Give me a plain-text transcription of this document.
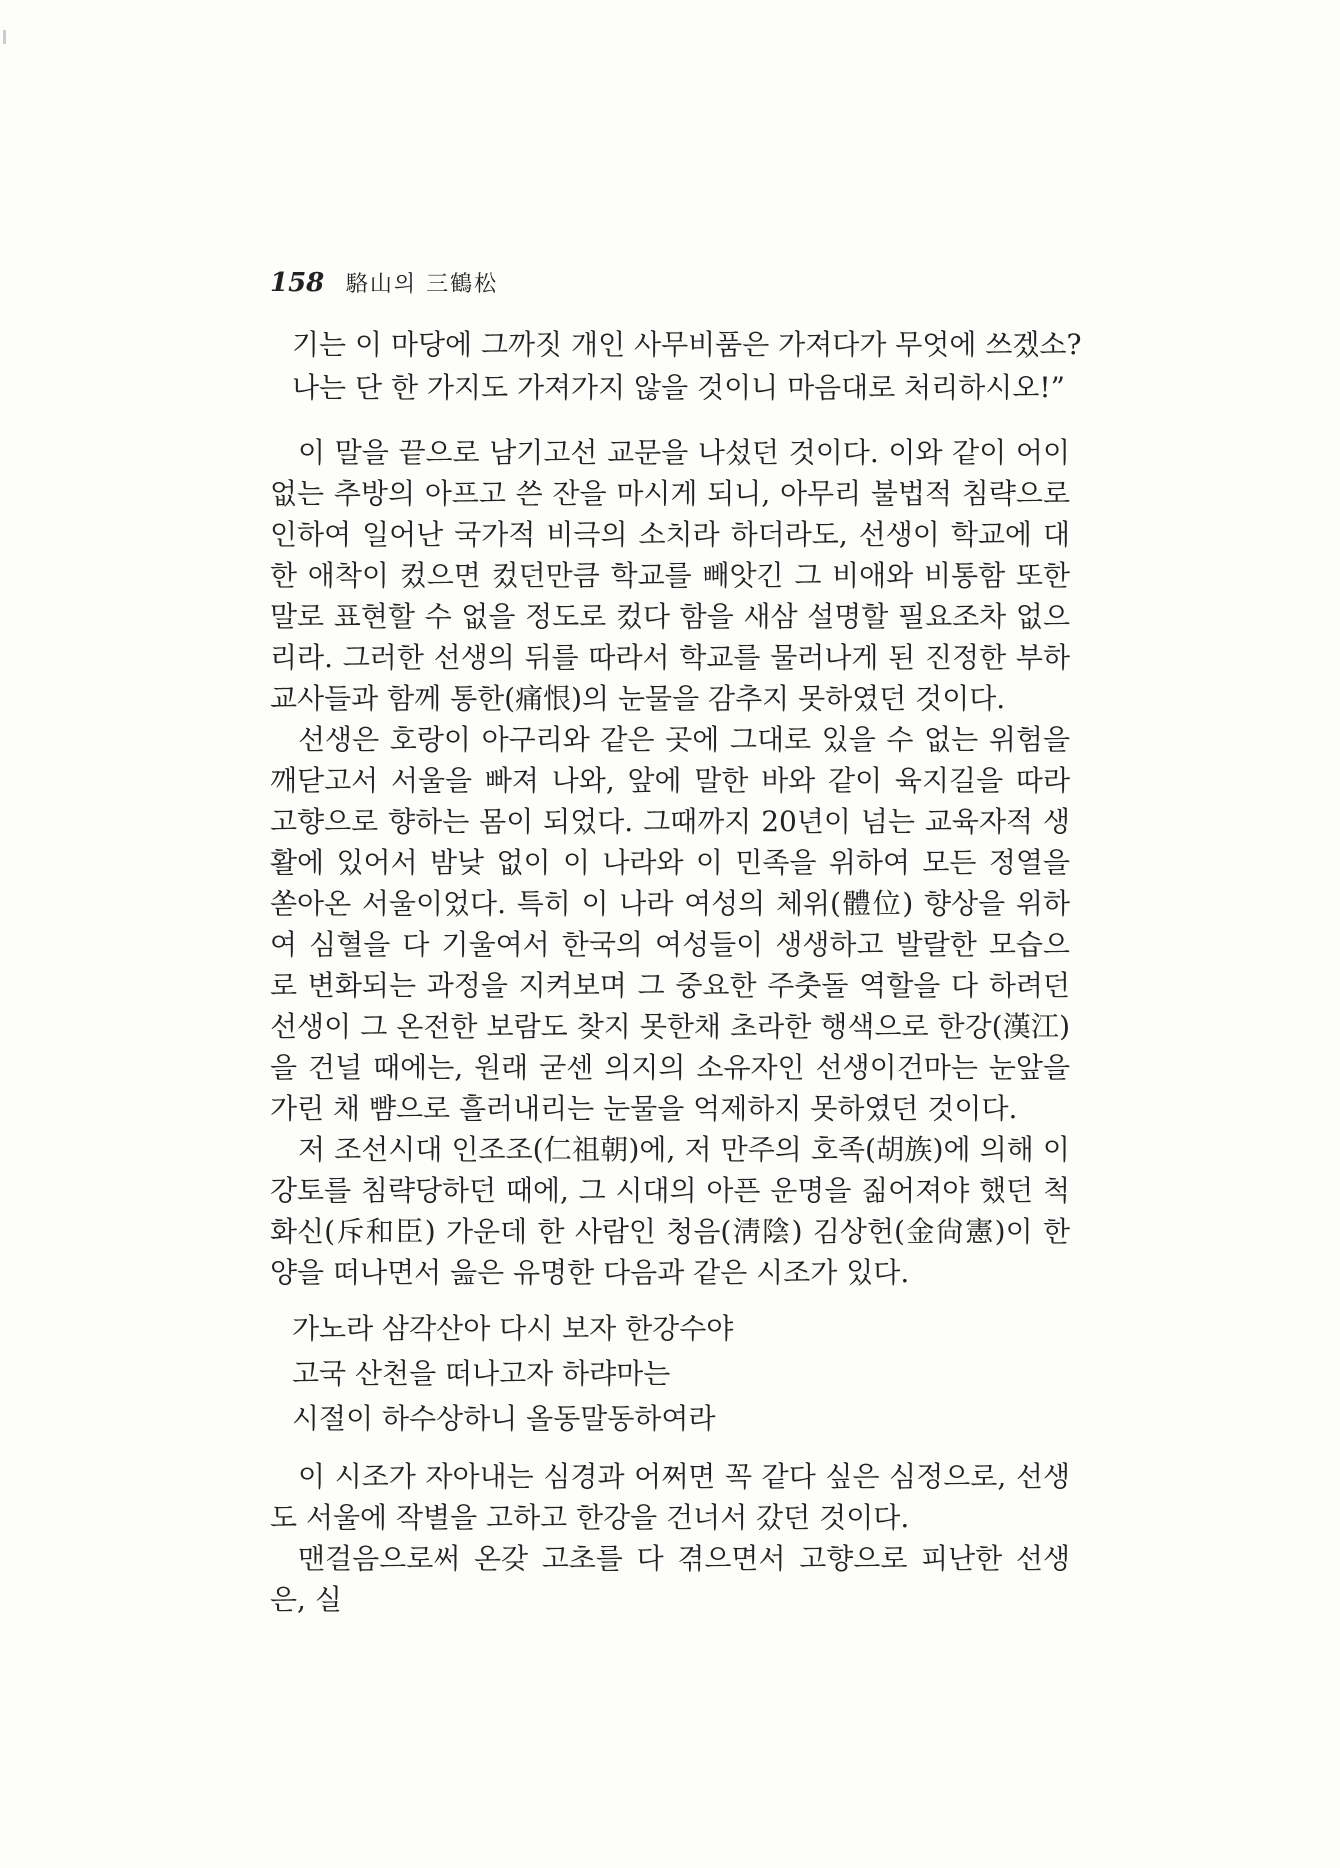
158 駱山의 三鶴松
기는 이 마당에 그까짓 개인 사무비품은 가져다가 무엇에 쓰겠소?
나는 단 한 가지도 가져가지 않을 것이니 마음대로 처리하시오!”

이 말을 끝으로 남기고선 교문을 나섰던 것이다. 이와 같이 어이없는 추방의 아프고 쓴 잔을 마시게 되니, 아무리 불법적 침략으로 인하여 일어난 국가적 비극의 소치라 하더라도, 선생이 학교에 대한 애착이 컸으면 컸던만큼 학교를 빼앗긴 그 비애와 비통함 또한 말로 표현할 수 없을 정도로 컸다 함을 새삼 설명할 필요조차 없으리라. 그러한 선생의 뒤를 따라서 학교를 물러나게 된 진정한 부하 교사들과 함께 통한(痛恨)의 눈물을 감추지 못하였던 것이다.

선생은 호랑이 아구리와 같은 곳에 그대로 있을 수 없는 위험을 깨닫고서 서울을 빠져 나와, 앞에 말한 바와 같이 육지길을 따라 고향으로 향하는 몸이 되었다. 그때까지 20년이 넘는 교육자적 생활에 있어서 밤낮 없이 이 나라와 이 민족을 위하여 모든 정열을 쏟아온 서울이었다. 특히 이 나라 여성의 체위(體位) 향상을 위하여 심혈을 다 기울여서 한국의 여성들이 생생하고 발랄한 모습으로 변화되는 과정을 지켜보며 그 중요한 주춧돌 역할을 다 하려던 선생이 그 온전한 보람도 찾지 못한채 초라한 행색으로 한강(漢江)을 건널 때에는, 원래 굳센 의지의 소유자인 선생이건마는 눈앞을 가린 채 뺨으로 흘러내리는 눈물을 억제하지 못하였던 것이다.

저 조선시대 인조조(仁祖朝)에, 저 만주의 호족(胡族)에 의해 이 강토를 침략당하던 때에, 그 시대의 아픈 운명을 짊어져야 했던 척화신(斥和臣) 가운데 한 사람인 청음(淸陰) 김상헌(金尙憲)이 한양을 떠나면서 읊은 유명한 다음과 같은 시조가 있다.

가노라 삼각산아 다시 보자 한강수야
고국 산천을 떠나고자 하랴마는
시절이 하수상하니 올동말동하여라

이 시조가 자아내는 심경과 어쩌면 꼭 같다 싶은 심정으로, 선생도 서울에 작별을 고하고 한강을 건너서 갔던 것이다.

맨걸음으로써 온갖 고초를 다 겪으면서 고향으로 피난한 선생은, 실
